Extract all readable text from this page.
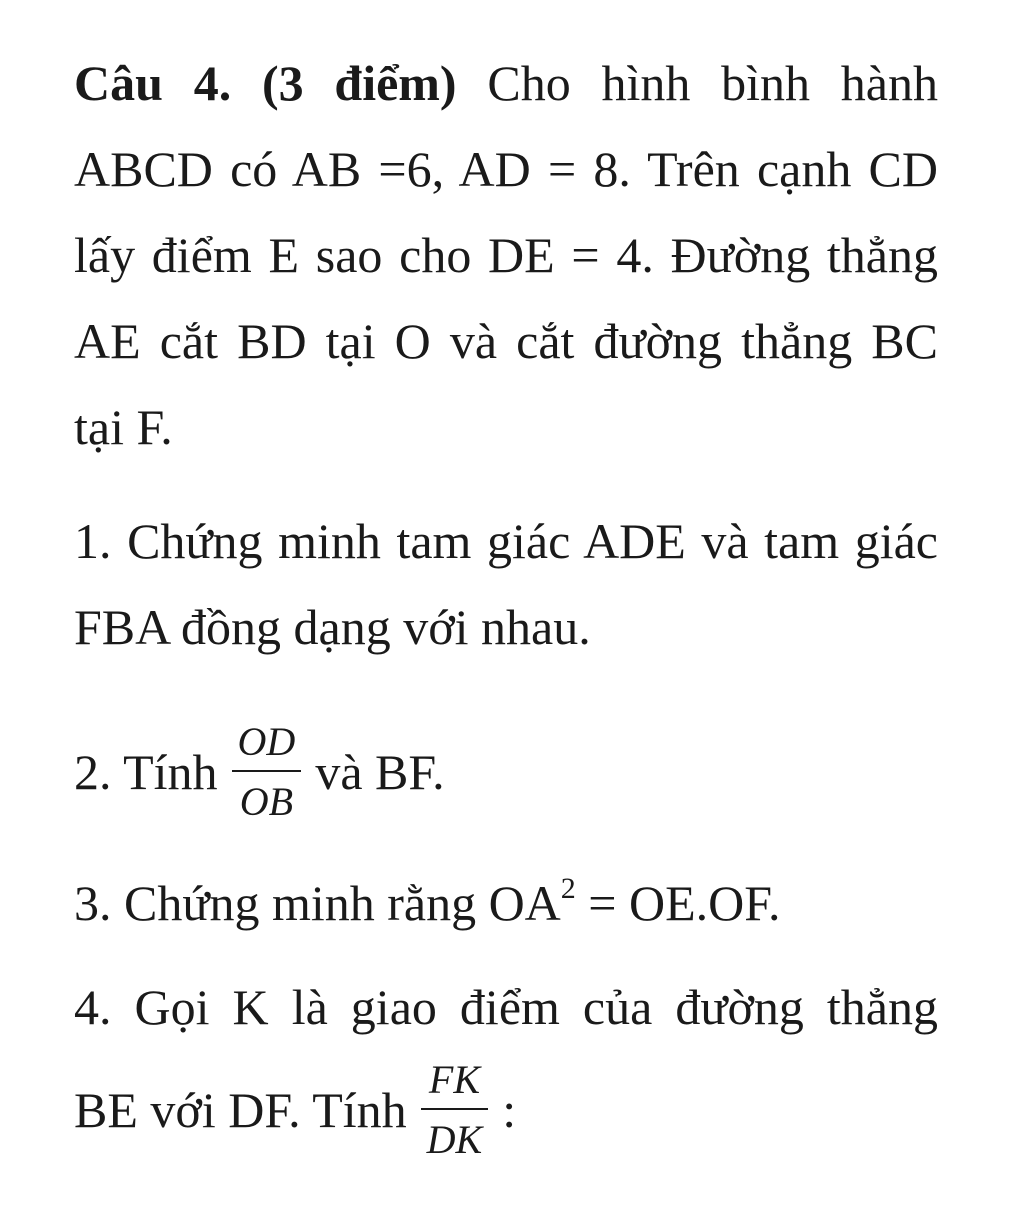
Câu 4. (3 điểm) Cho hình bình hành ABCD có AB =6, AD = 8. Trên cạnh CD lấy điểm E sao cho DE = 4. Đường thẳng AE cắt BD tại O và cắt đường thẳng BC tại F.

1. Chứng minh tam giác ADE và tam giác FBA đồng dạng với nhau.

2. Tính $\frac{OD}{OB}$ và BF.

3. Chứng minh rằng $OA^2 = OE.OF$.

4. Gọi K là giao điểm của đường thẳng

BE với DF. Tính $\frac{FK}{DK}$ :
